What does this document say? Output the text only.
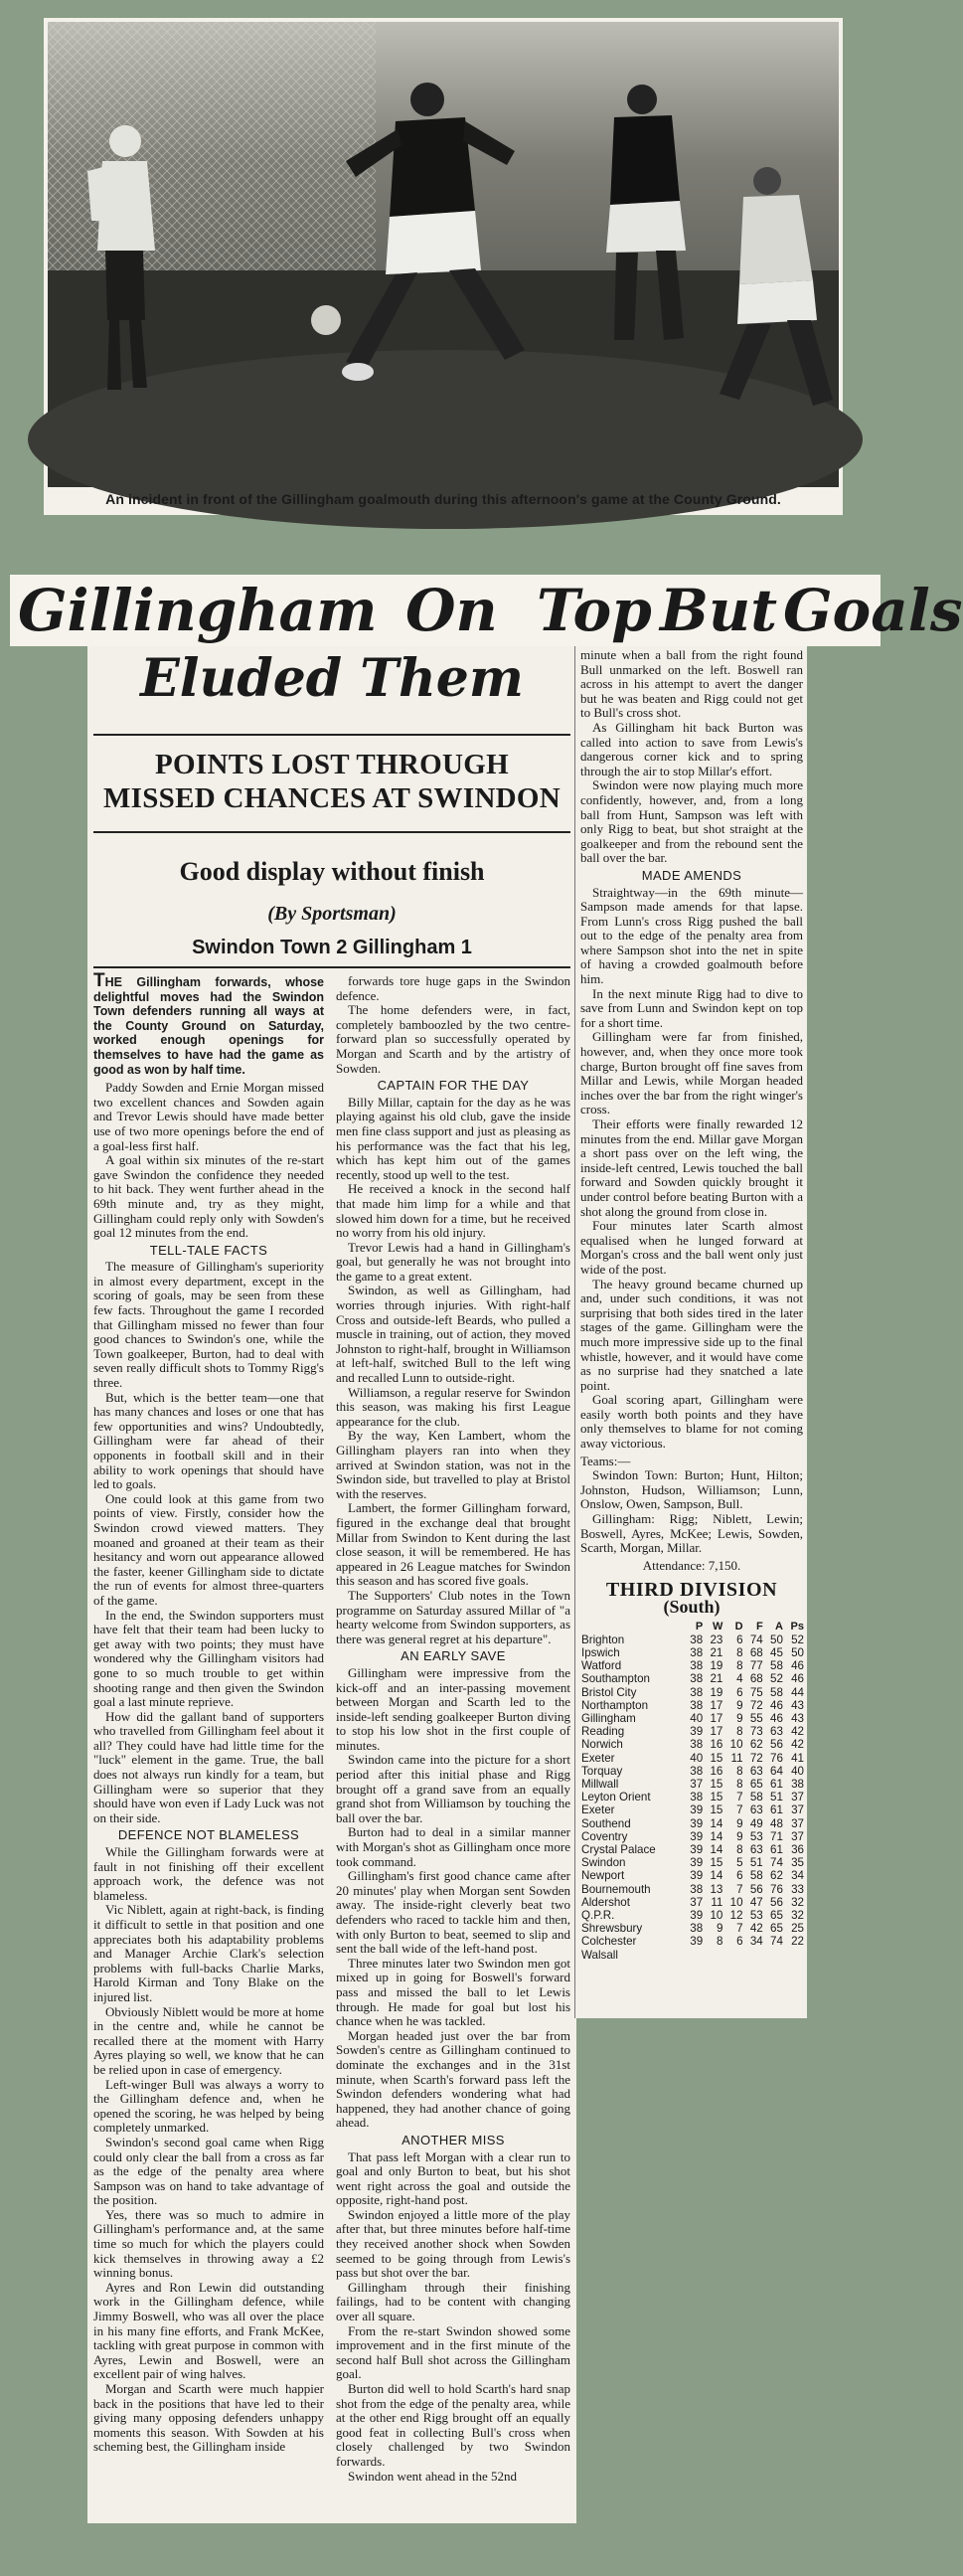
An incident in front of the Gillingham goalmouth during this afternoon's game at the County Ground.
Gillingham On Top But Goals
Eluded Them
POINTS LOST THROUGH
MISSED CHANCES AT SWINDON
Good display without finish
(By Sportsman)
Swindon Town 2 Gillingham 1

THE Gillingham forwards, whose delightful moves had the Swindon Town defenders running all ways at the County Ground on Saturday, worked enough openings for themselves to have had the game as good as won by half time.

Paddy Sowden and Ernie Morgan missed two excellent chances and Sowden again and Trevor Lewis should have made better use of two more openings before the end of a goal-less first half.

A goal within six minutes of the re-start gave Swindon the confidence they needed to hit back. They went further ahead in the 69th minute and, try as they might, Gillingham could reply only with Sowden's goal 12 minutes from the end.

TELL-TALE FACTS

The measure of Gillingham's superiority in almost every department, except in the scoring of goals, may be seen from these few facts. Throughout the game I recorded that Gillingham missed no fewer than four good chances to Swindon's one, while the Town goalkeeper, Burton, had to deal with seven really difficult shots to Tommy Rigg's three.

But, which is the better team—one that has many chances and loses or one that has few opportunities and wins? Undoubtedly, Gillingham were far ahead of their opponents in football skill and in their ability to work openings that should have led to goals.

One could look at this game from two points of view. Firstly, consider how the Swindon crowd viewed matters. They moaned and groaned at their team as their hesitancy and worn out appearance allowed the faster, keener Gillingham side to dictate the run of events for almost three-quarters of the game.

In the end, the Swindon supporters must have felt that their team had been lucky to get away with two points; they must have wondered why the Gillingham visitors had gone to so much trouble to get within shooting range and then given the Swindon goal a last minute reprieve.

How did the gallant band of supporters who travelled from Gillingham feel about it all? They could have had little time for the "luck" element in the game. True, the ball does not always run kindly for a team, but Gillingham were so superior that they should have won even if Lady Luck was not on their side.

DEFENCE NOT BLAMELESS

While the Gillingham forwards were at fault in not finishing off their excellent approach work, the defence was not blameless.

Vic Niblett, again at right-back, is finding it difficult to settle in that position and one appreciates both his adaptability problems and Manager Archie Clark's selection problems with full-backs Charlie Marks, Harold Kirman and Tony Blake on the injured list.

Obviously Niblett would be more at home in the centre and, while he cannot be recalled there at the moment with Harry Ayres playing so well, we know that he can be relied upon in case of emergency.

Left-winger Bull was always a worry to the Gillingham defence and, when he opened the scoring, he was helped by being completely unmarked.

Swindon's second goal came when Rigg could only clear the ball from a cross as far as the edge of the penalty area where Sampson was on hand to take advantage of the position.

Yes, there was so much to admire in Gillingham's performance and, at the same time so much for which the players could kick themselves in throwing away a £2 winning bonus.

Ayres and Ron Lewin did outstanding work in the Gillingham defence, while Jimmy Boswell, who was all over the place in his many fine efforts, and Frank McKee, tackling with great purpose in common with Ayres, Lewin and Boswell, were an excellent pair of wing halves.

Morgan and Scarth were much happier back in the positions that have led to their giving many opposing defenders unhappy moments this season. With Sowden at his scheming best, the Gillingham inside

forwards tore huge gaps in the Swindon defence.

The home defenders were, in fact, completely bamboozled by the two centre-forward plan so successfully operated by Morgan and Scarth and by the artistry of Sowden.

CAPTAIN FOR THE DAY

Billy Millar, captain for the day as he was playing against his old club, gave the inside men fine class support and just as pleasing as his performance was the fact that his leg, which has kept him out of the games recently, stood up well to the test.

He received a knock in the second half that made him limp for a while and that slowed him down for a time, but he received no worry from his old injury.

Trevor Lewis had a hand in Gillingham's goal, but generally he was not brought into the game to a great extent.

Swindon, as well as Gillingham, had worries through injuries. With right-half Cross and outside-left Beards, who pulled a muscle in training, out of action, they moved Johnston to right-half, brought in Williamson at left-half, switched Bull to the left wing and recalled Lunn to outside-right.

Williamson, a regular reserve for Swindon this season, was making his first League appearance for the club.

By the way, Ken Lambert, whom the Gillingham players ran into when they arrived at Swindon station, was not in the Swindon side, but travelled to play at Bristol with the reserves.

Lambert, the former Gillingham forward, figured in the exchange deal that brought Millar from Swindon to Kent during the last close season, it will be remembered. He has appeared in 26 League matches for Swindon this season and has scored five goals.

The Supporters' Club notes in the Town programme on Saturday assured Millar of "a hearty welcome from Swindon supporters, as there was general regret at his departure".

AN EARLY SAVE

Gillingham were impressive from the kick-off and an inter-passing movement between Morgan and Scarth led to the inside-left sending goalkeeper Burton diving to stop his low shot in the first couple of minutes.

Swindon came into the picture for a short period after this initial phase and Rigg brought off a grand save from an equally grand shot from Williamson by touching the ball over the bar.

Burton had to deal in a similar manner with Morgan's shot as Gillingham once more took command.

Gillingham's first good chance came after 20 minutes' play when Morgan sent Sowden away. The inside-right cleverly beat two defenders who raced to tackle him and then, with only Burton to beat, seemed to slip and sent the ball wide of the left-hand post.

Three minutes later two Swindon men got mixed up in going for Boswell's forward pass and missed the ball to let Lewis through. He made for goal but lost his chance when he was tackled.

Morgan headed just over the bar from Sowden's centre as Gillingham continued to dominate the exchanges and in the 31st minute, when Scarth's forward pass left the Swindon defenders wondering what had happened, they had another chance of going ahead.

ANOTHER MISS

That pass left Morgan with a clear run to goal and only Burton to beat, but his shot went right across the goal and outside the opposite, right-hand post.

Swindon enjoyed a little more of the play after that, but three minutes before half-time they received another shock when Sowden seemed to be going through from Lewis's pass but shot over the bar.

Gillingham through their finishing failings, had to be content with changing over all square.

From the re-start Swindon showed some improvement and in the first minute of the second half Bull shot across the Gillingham goal.

Burton did well to hold Scarth's hard snap shot from the edge of the penalty area, while at the other end Rigg brought off an equally good feat in collecting Bull's cross when closely challenged by two Swindon forwards.

Swindon went ahead in the 52nd

minute when a ball from the right found Bull unmarked on the left. Boswell ran across in his attempt to avert the danger but he was beaten and Rigg could not get to Bull's cross shot.

As Gillingham hit back Burton was called into action to save from Lewis's dangerous corner kick and to spring through the air to stop Millar's effort.

Swindon were now playing much more confidently, however, and, from a long ball from Hunt, Sampson was left with only Rigg to beat, but shot straight at the goalkeeper and from the rebound sent the ball over the bar.

MADE AMENDS

Straightway—in the 69th minute—Sampson made amends for that lapse. From Lunn's cross Rigg pushed the ball out to the edge of the penalty area from where Sampson shot into the net in spite of having a crowded goalmouth before him.

In the next minute Rigg had to dive to save from Lunn and Swindon kept on top for a short time.

Gillingham were far from finished, however, and, when they once more took charge, Burton brought off fine saves from Millar and Lewis, while Morgan headed inches over the bar from the right winger's cross.

Their efforts were finally rewarded 12 minutes from the end. Millar gave Morgan a short pass over on the left wing, the inside-left centred, Lewis touched the ball forward and Sowden quickly brought it under control before beating Burton with a shot along the ground from close in.

Four minutes later Scarth almost equalised when he lunged forward at Morgan's cross and the ball went only just wide of the post.

The heavy ground became churned up and, under such conditions, it was not surprising that both sides tired in the later stages of the game. Gillingham were the much more impressive side up to the final whistle, however, and it would have come as no surprise had they snatched a late point.

Goal scoring apart, Gillingham were easily worth both points and they have only themselves to blame for not coming away victorious.

Teams:—

Swindon Town: Burton; Hunt, Hilton; Johnston, Hudson, Williamson; Lunn, Onslow, Owen, Sampson, Bull.

Gillingham: Rigg; Niblett, Lewin; Boswell, Ayres, McKee; Lewis, Sowden, Scarth, Morgan, Millar.

Attendance: 7,150.

THIRD DIVISION
(South)
	P	W	D	F	A	Ps
Brighton	38	23	6	74	50	52
Ipswich	38	21	8	68	45	50
Watford	38	19	8	77	58	46
Southampton	38	21	4	68	52	46
Bristol City	38	19	6	75	58	44
Northampton	38	17	9	72	46	43
Gillingham	40	17	9	55	46	43
Reading	39	17	8	73	63	42
Norwich	38	16	10	62	56	42
Exeter	40	15	11	72	76	41
Torquay	38	16	8	63	64	40
Millwall	37	15	8	65	61	38
Leyton Orient	38	15	7	58	51	37
Exeter	39	15	7	63	61	37
Southend	39	14	9	49	48	37
Coventry	39	14	9	53	71	37
Crystal Palace	39	14	8	63	61	36
Swindon	39	15	5	51	74	35
Newport	39	14	6	58	62	34
Bournemouth	38	13	7	56	76	33
Aldershot	37	11	10	47	56	32
Q.P.R.	39	10	12	53	65	32
Shrewsbury	38	9	7	42	65	25
Colchester	39	8	6	34	74	22
Walsall						
